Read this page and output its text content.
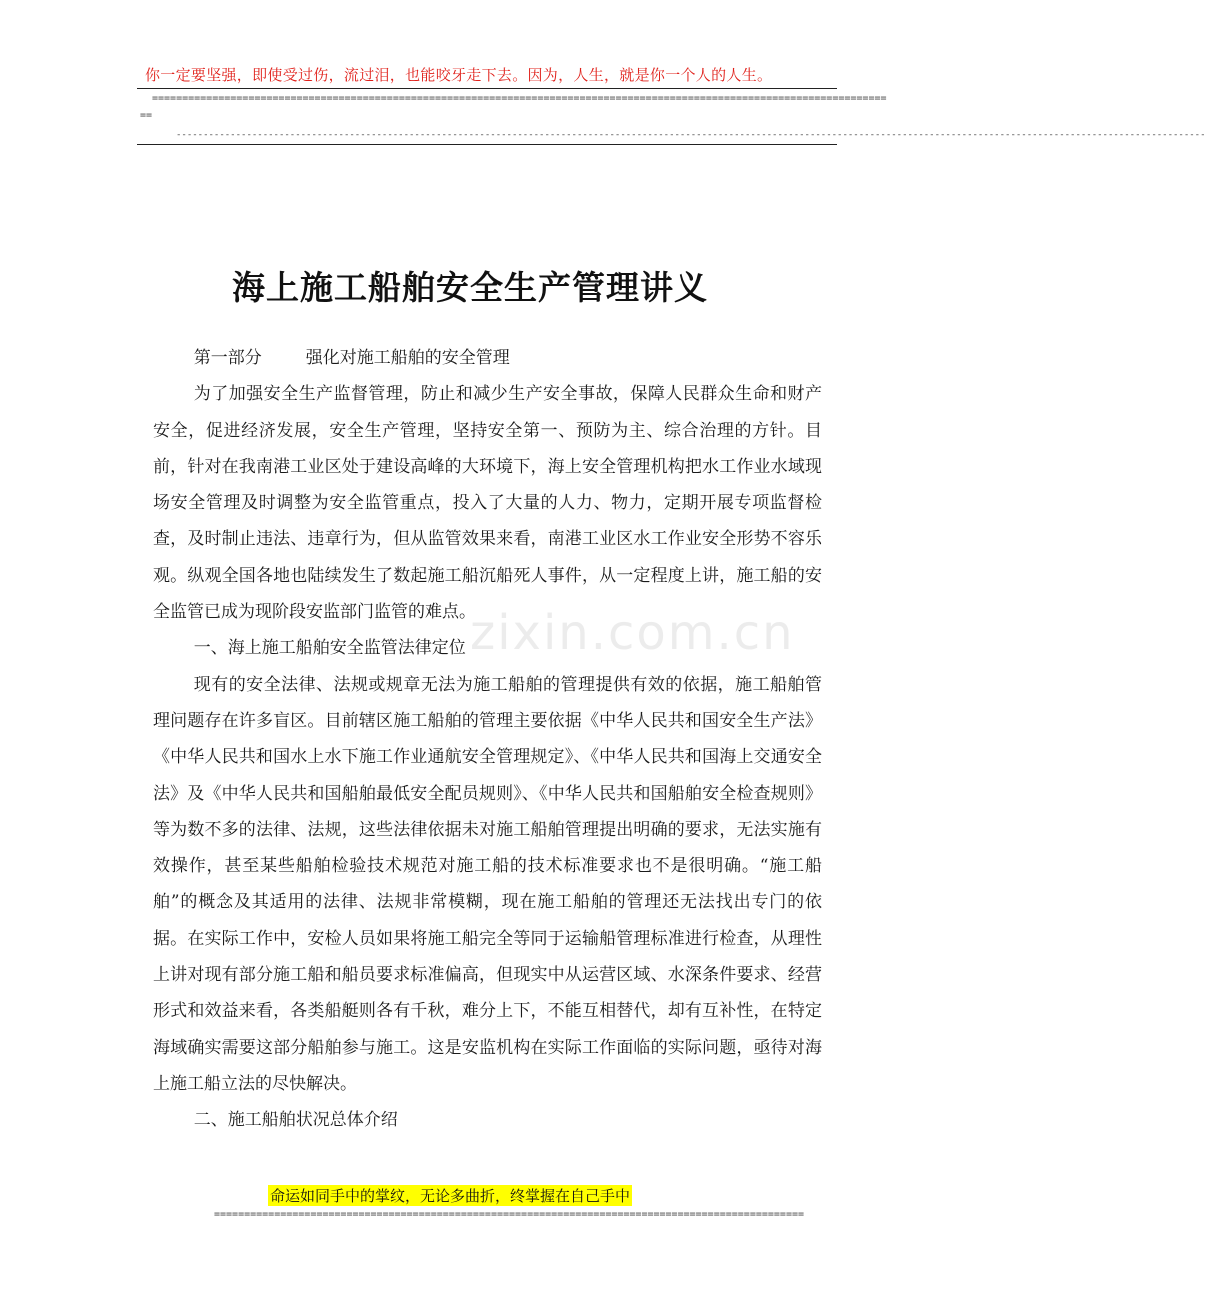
你一定要坚强，即使受过伤，流过泪，也能咬牙走下去。因为，人生，就是你一个人的人生。
==========================================================================================================================
==
----------------------------------------------------------------------------------------------------------------------------------------------------------------------------------------------
海上施工船舶安全生产管理讲义
zixin.com.cn

第一部分	强化对施工船舶的安全管理

为了加强安全生产监督管理，防止和减少生产安全事故，保障人民群众生命和财产安全，促进经济发展，安全生产管理，坚持安全第一、预防为主、综合治理的方针。目前，针对在我南港工业区处于建设高峰的大环境下，海上安全管理机构把水工作业水域现场安全管理及时调整为安全监管重点，投入了大量的人力、物力，定期开展专项监督检查，及时制止违法、违章行为，但从监管效果来看，南港工业区水工作业安全形势不容乐观。纵观全国各地也陆续发生了数起施工船沉船死人事件，从一定程度上讲，施工船的安全监管已成为现阶段安监部门监管的难点。

一、海上施工船舶安全监管法律定位

现有的安全法律、法规或规章无法为施工船舶的管理提供有效的依据，施工船舶管理问题存在许多盲区。目前辖区施工船舶的管理主要依据《中华人民共和国安全生产法》《中华人民共和国水上水下施工作业通航安全管理规定》、《中华人民共和国海上交通安全法》及《中华人民共和国船舶最低安全配员规则》、《中华人民共和国船舶安全检查规则》等为数不多的法律、法规，这些法律依据未对施工船舶管理提出明确的要求，无法实施有效操作，甚至某些船舶检验技术规范对施工船的技术标准要求也不是很明确。“施工船舶”的概念及其适用的法律、法规非常模糊，现在施工船舶的管理还无法找出专门的依据。在实际工作中，安检人员如果将施工船完全等同于运输船管理标准进行检查，从理性上讲对现有部分施工船和船员要求标准偏高，但现实中从运营区域、水深条件要求、经营形式和效益来看，各类船艇则各有千秋，难分上下，不能互相替代，却有互补性，在特定海域确实需要这部分船舶参与施工。这是安监机构在实际工作面临的实际问题，亟待对海上施工船立法的尽快解决。

二、施工船舶状况总体介绍

命运如同手中的掌纹，无论多曲折，终掌握在自己手中
==================================================================================================
